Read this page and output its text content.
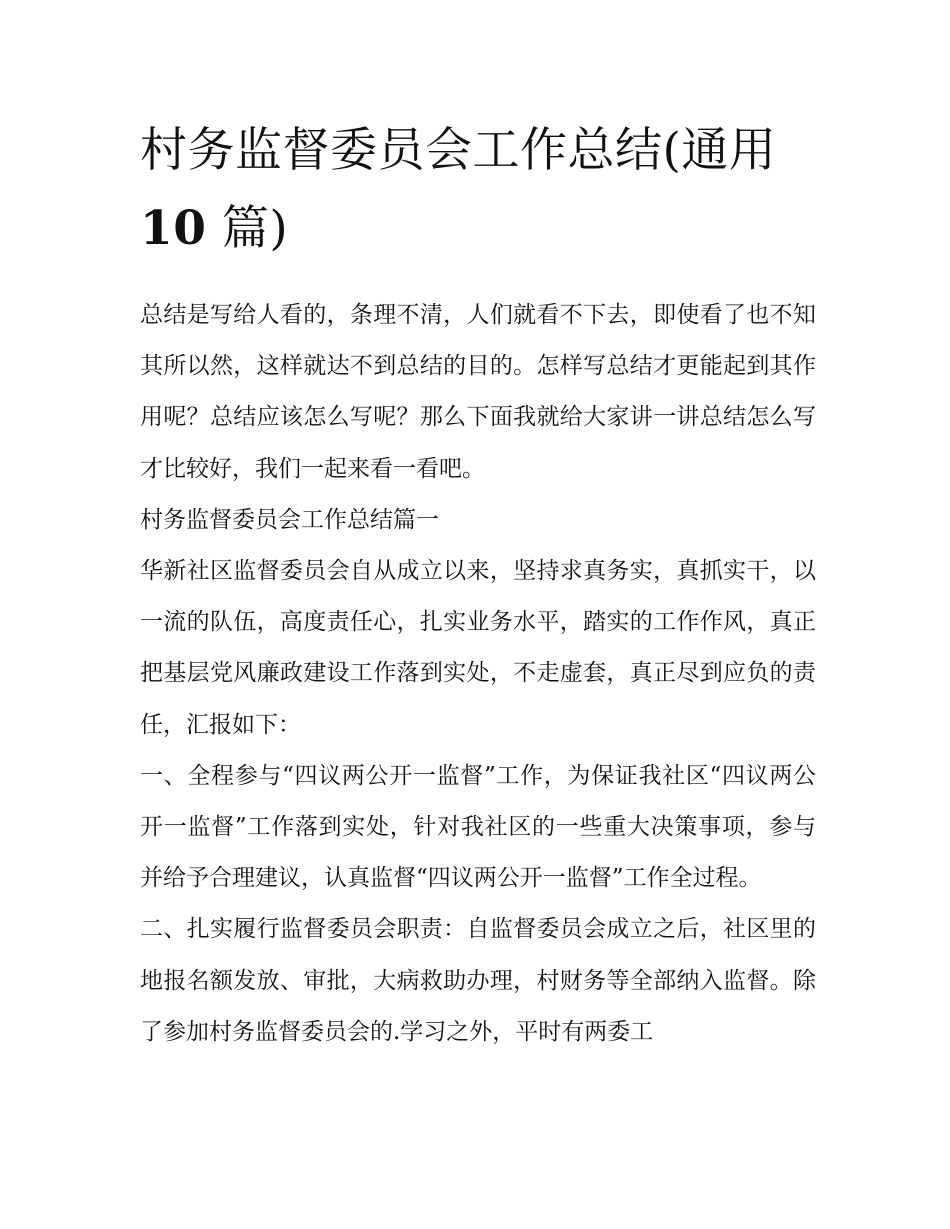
村务监督委员会工作总结(通用
10 篇)

总结是写给人看的，条理不清，人们就看不下去，即使看了也不知其所以然，这样就达不到总结的目的。怎样写总结才更能起到其作用呢？总结应该怎么写呢？那么下面我就给大家讲一讲总结怎么写才比较好，我们一起来看一看吧。

村务监督委员会工作总结篇一

华新社区监督委员会自从成立以来，坚持求真务实，真抓实干，以一流的队伍，高度责任心，扎实业务水平，踏实的工作作风，真正把基层党风廉政建设工作落到实处，不走虚套，真正尽到应负的责任，汇报如下：

一、全程参与“四议两公开一监督”工作，为保证我社区“四议两公开一监督”工作落到实处，针对我社区的一些重大决策事项，参与并给予合理建议，认真监督“四议两公开一监督”工作全过程。

二、扎实履行监督委员会职责：自监督委员会成立之后，社区里的地报名额发放、审批，大病救助办理，村财务等全部纳入监督。除了参加村务监督委员会的.学习之外，平时有两委工
